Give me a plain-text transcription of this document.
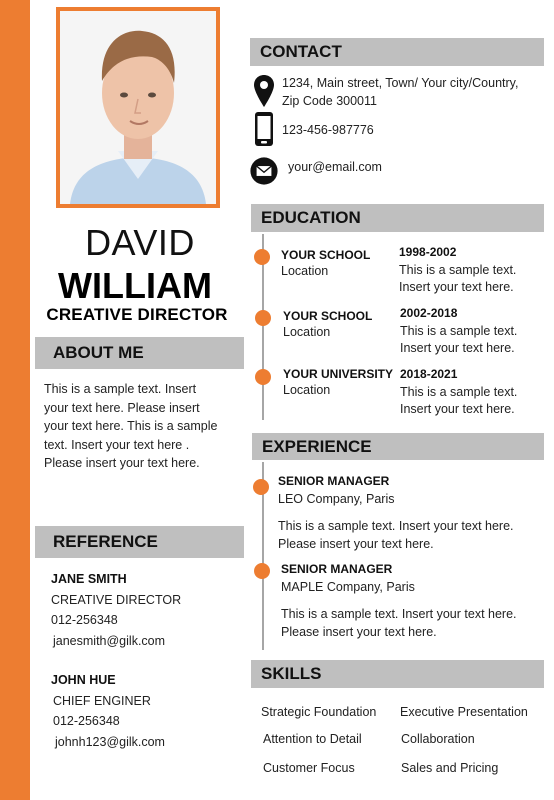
DAVID
WILLIAM
CREATIVE DIRECTOR
ABOUT ME
This is a sample text. Insert
your text here. Please insert
your text here. This is a sample
text. Insert your text here .
Please insert your text here.
REFERENCE
JANE SMITH
CREATIVE DIRECTOR
012-256348
janesmith@gilk.com
JOHN HUE
CHIEF ENGINER
012-256348
johnh123@gilk.com
CONTACT
1234, Main street, Town/ Your city/Country,
Zip Code 300011
123-456-987776
your@email.com
EDUCATION
YOUR SCHOOL
Location
1998-2002
This is a sample text.
Insert your text here.
YOUR SCHOOL
Location
2002-2018
This is a sample text.
Insert your text here.
YOUR UNIVERSITY
Location
2018-2021
This is a sample text.
Insert your text here.
EXPERIENCE
SENIOR MANAGER
LEO Company, Paris
This is a sample text. Insert your text here.
Please insert your text here.
SENIOR MANAGER
MAPLE Company, Paris
This is a sample text. Insert your text here.
Please insert your text here.
SKILLS
Strategic Foundation Executive Presentation
Attention to Detail	Collaboration
Customer Focus	Sales and Pricing
